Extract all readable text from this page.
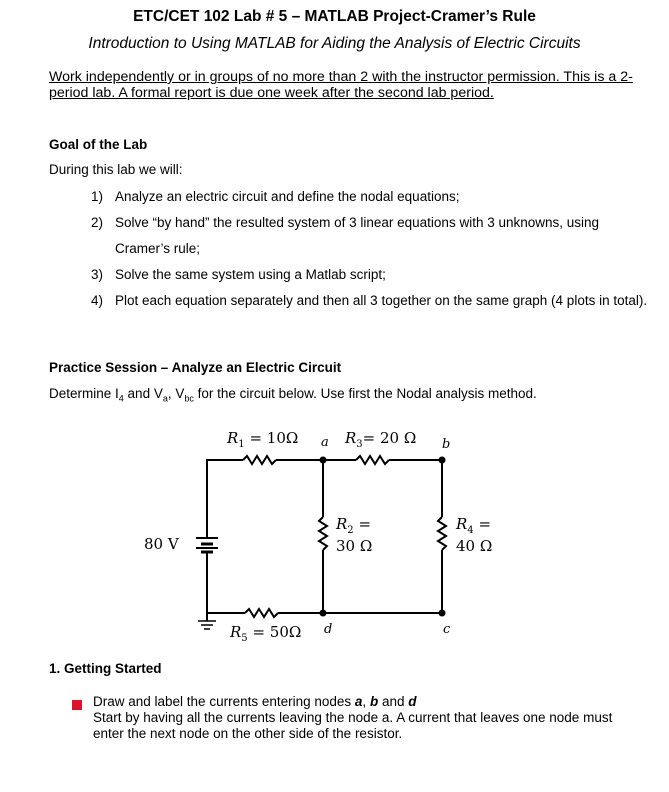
ETC/CET 102 Lab # 5 – MATLAB Project-Cramer’s Rule
Introduction to Using MATLAB for Aiding the Analysis of Electric Circuits
Work independently or in groups of no more than 2 with the instructor permission. This is a 2-period lab. A formal report is due one week after the second lab period.
Goal of the Lab
During this lab we will:
1) Analyze an electric circuit and define the nodal equations;
2) Solve “by hand” the resulted system of 3 linear equations with 3 unknowns, using Cramer’s rule;
3) Solve the same system using a Matlab script;
4) Plot each equation separately and then all 3 together on the same graph (4 plots in total).
Practice Session – Analyze an Electric Circuit
Determine $I_4$ and $V_a$, $V_{bc}$ for the circuit below. Use first the Nodal analysis method.
$R_1 = 10\Omega$ a $R_3= 20$ Ω b
$R_2$ =
30 Ω
$R_4$ =
40 Ω
80 V
$R_5 = 50\Omega$ d	c
1. Getting Started
Draw and label the currents entering nodes a, b and d
Start by having all the currents leaving the node a. A current that leaves one node must enter the next node on the other side of the resistor.
